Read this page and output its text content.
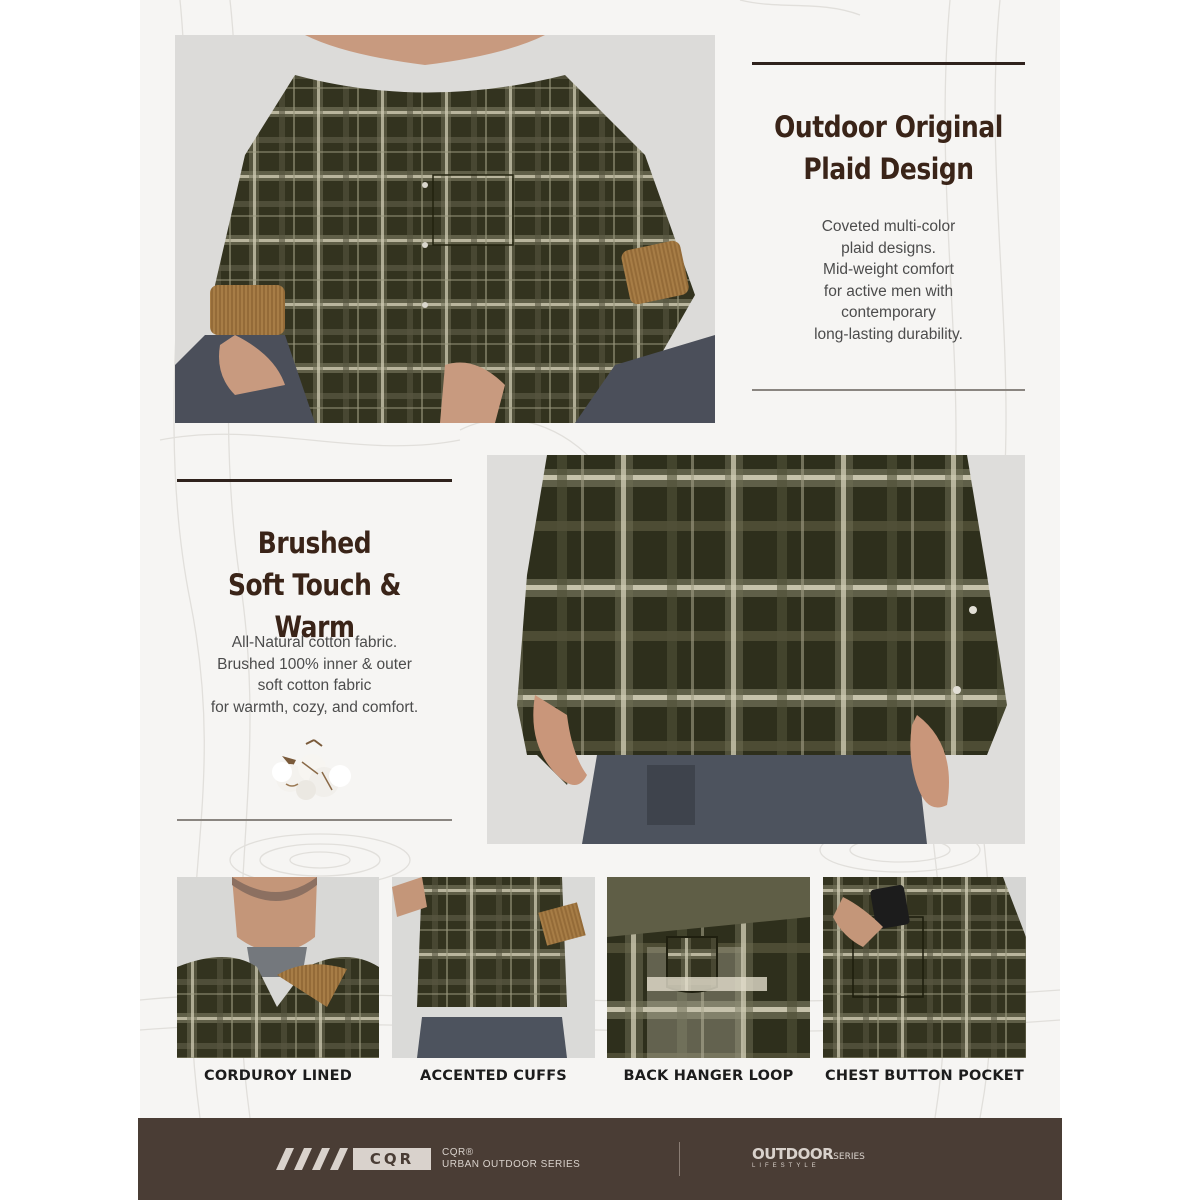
Outdoor Original
Plaid Design
Coveted multi-color
plaid designs.
Mid-weight comfort
for active men with
contemporary
long-lasting durability.
Brushed
Soft Touch & Warm
All-Natural cotton fabric.
Brushed 100% inner & outer
soft cotton fabric
for warmth, cozy, and comfort.
CORDUROY LINED	ACCENTED CUFFS	BACK HANGER LOOP	CHEST BUTTON POCKET
CQR	CQR®
URBAN OUTDOOR SERIES
OUTDOORSERIES
LIFESTYLE
